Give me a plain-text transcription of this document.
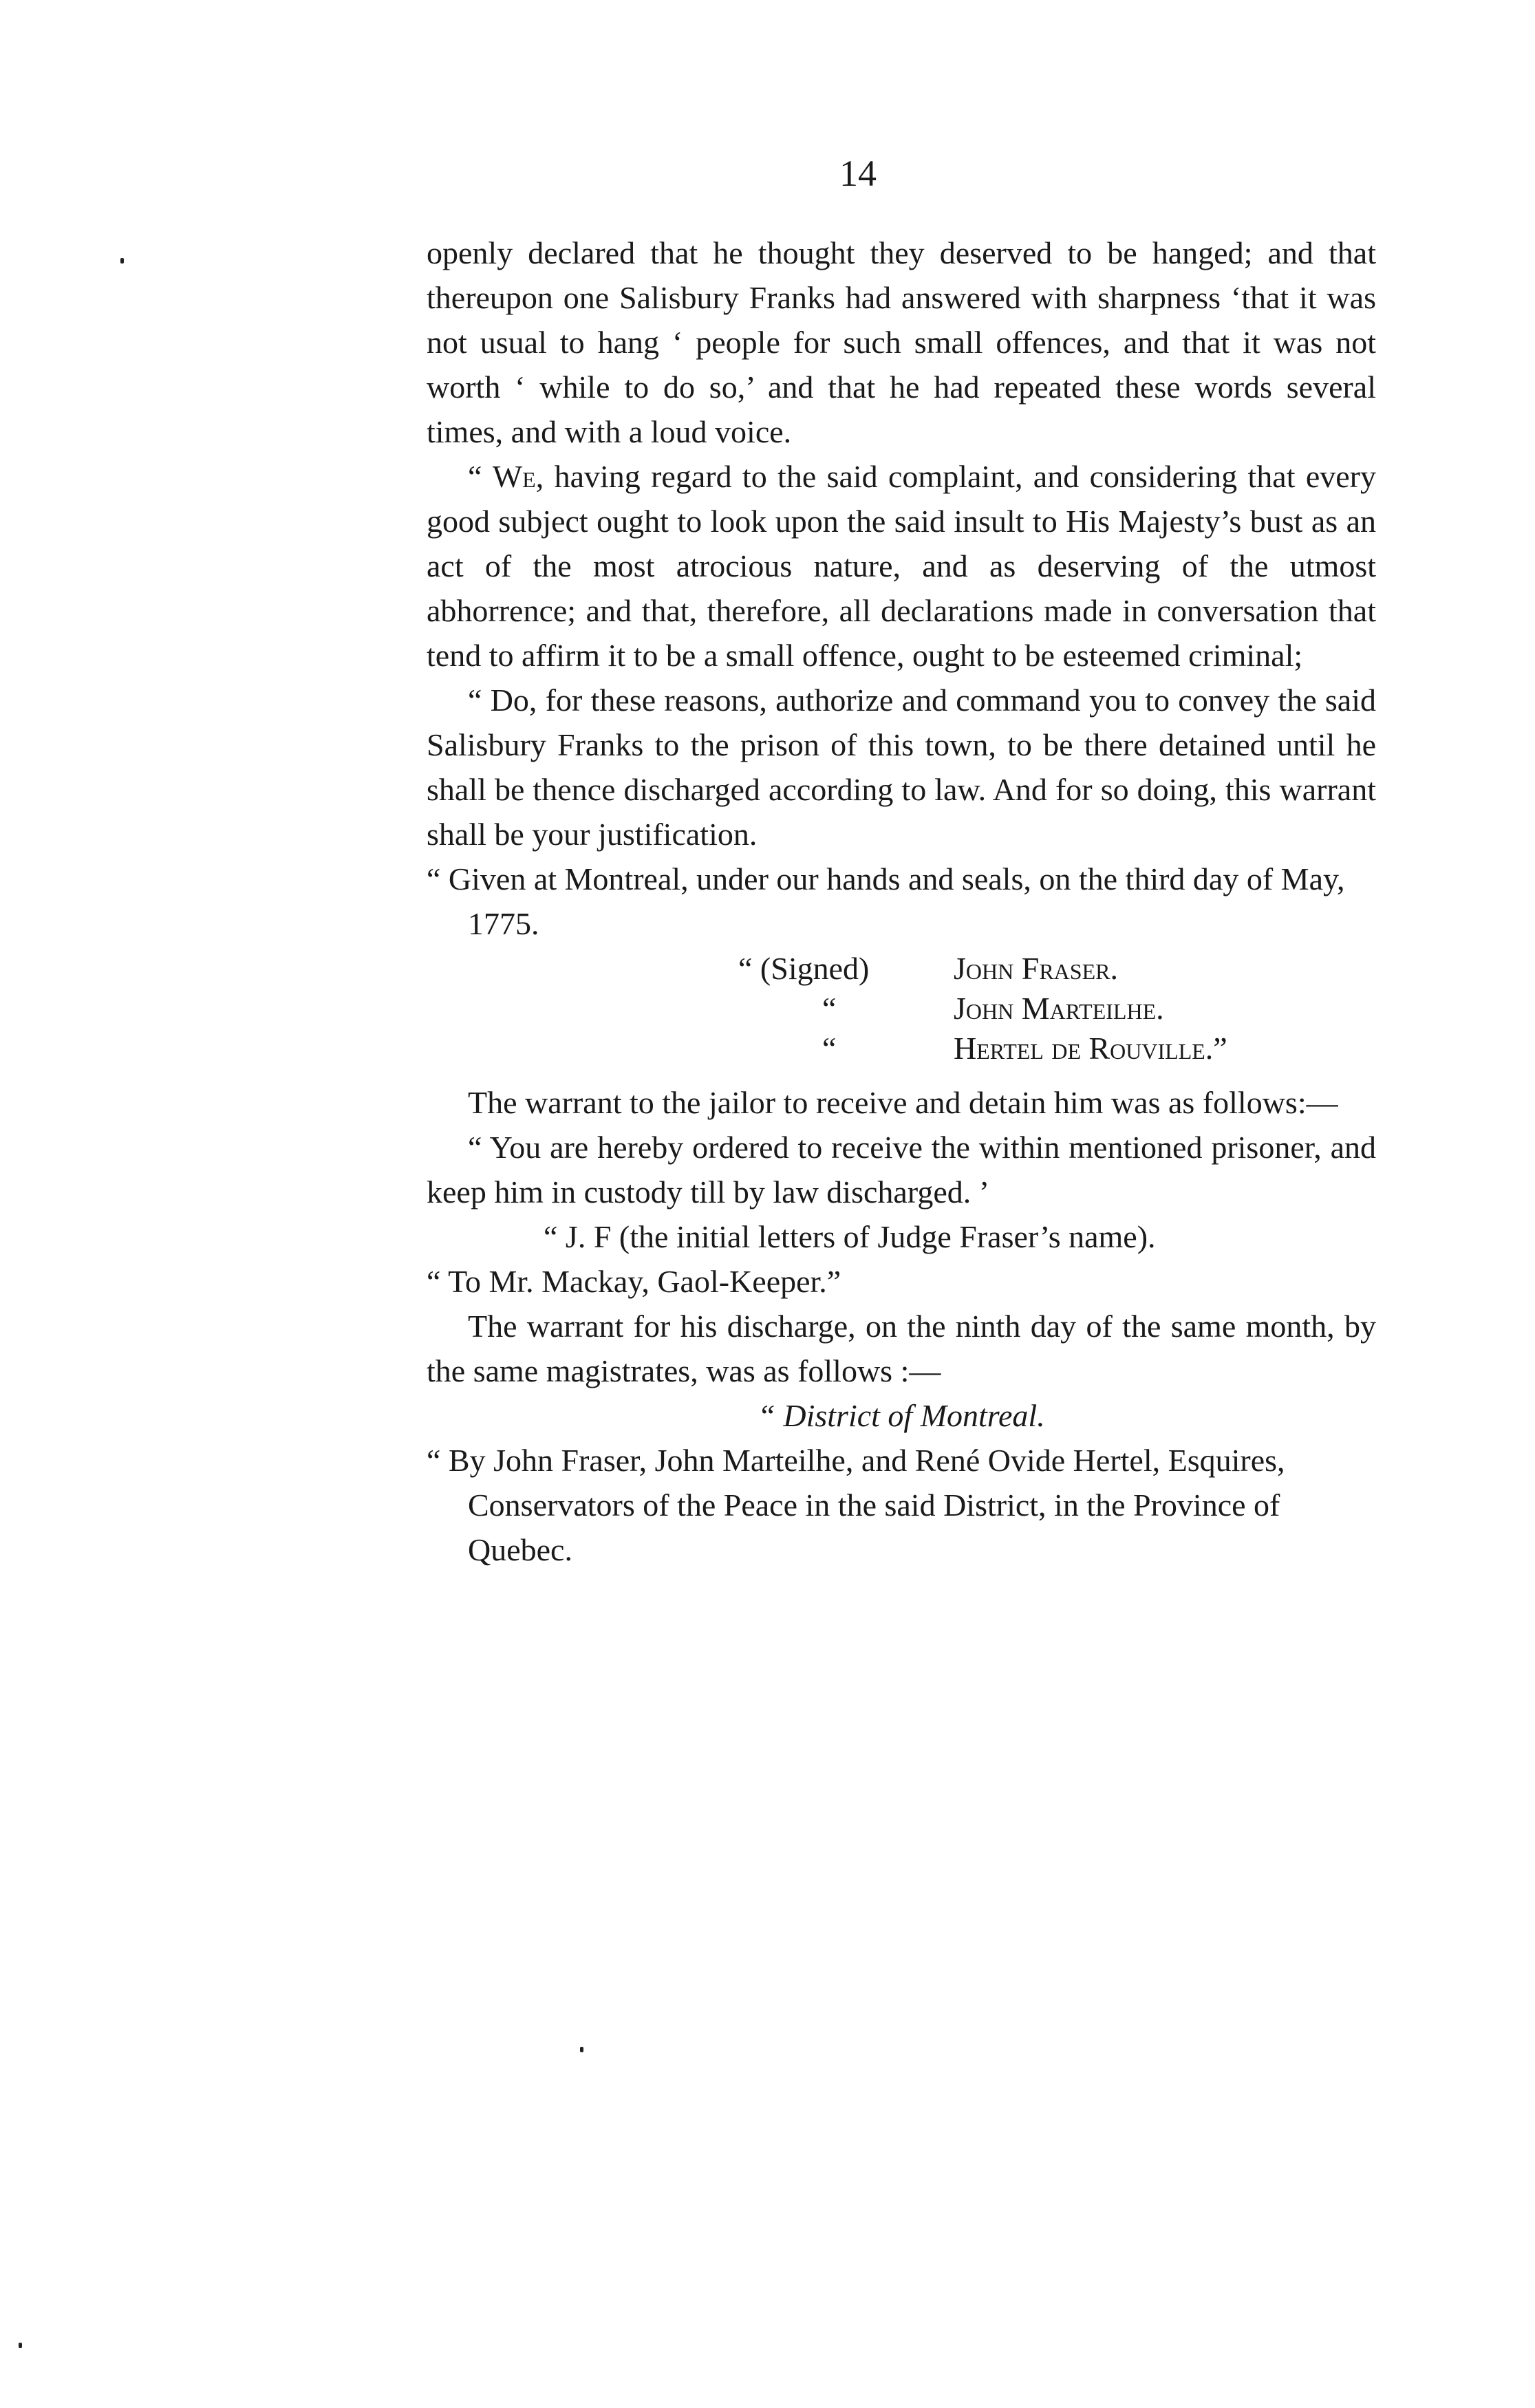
14

openly declared that he thought they deserved to be hanged; and that thereupon one Salisbury Franks had answered with sharpness ‘that it was not usual to hang ‘ people for such small offences, and that it was not worth ‘ while to do so,’ and that he had repeated these words several times, and with a loud voice.

“ We, having regard to the said complaint, and considering that every good subject ought to look upon the said insult to His Majesty’s bust as an act of the most atrocious nature, and as deserving of the utmost abhorrence; and that, therefore, all declarations made in conversation that tend to affirm it to be a small offence, ought to be esteemed criminal;

“ Do, for these reasons, authorize and command you to convey the said Salisbury Franks to the prison of this town, to be there detained until he shall be thence discharged according to law. And for so doing, this warrant shall be your justification.

“ Given at Montreal, under our hands and seals, on the third day of May, 1775.

“ (Signed)	John Fraser.
“	John Marteilhe.
“	Hertel de Rouville.”

The warrant to the jailor to receive and detain him was as follows:—

“ You are hereby ordered to receive the within mentioned prisoner, and keep him in custody till by law discharged. ’

“ J. F (the initial letters of Judge Fraser’s name).

“ To Mr. Mackay, Gaol-Keeper.”

The warrant for his discharge, on the ninth day of the same month, by the same magistrates, was as follows :—

“ District of Montreal.

“ By John Fraser, John Marteilhe, and René Ovide Hertel, Esquires, Conservators of the Peace in the said District, in the Province of Quebec.
